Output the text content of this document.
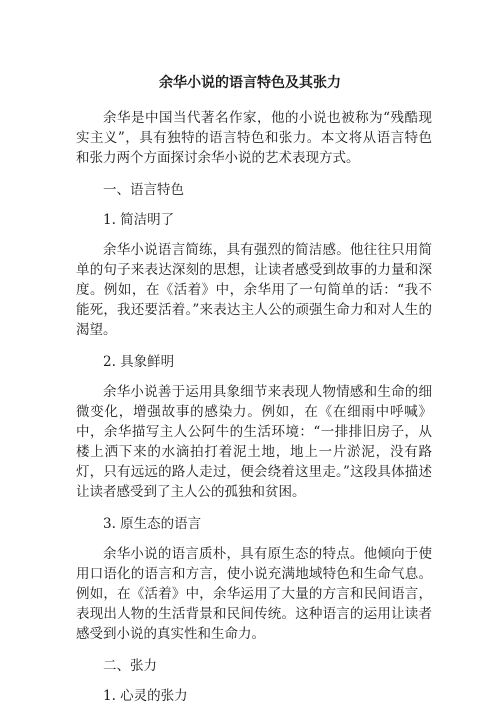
余华小说的语言特色及其张力

余华是中国当代著名作家，他的小说也被称为“残酷现实主义”，具有独特的语言特色和张力。本文将从语言特色和张力两个方面探讨余华小说的艺术表现方式。

一、语言特色

1. 简洁明了

余华小说语言简练，具有强烈的简洁感。他往往只用简单的句子来表达深刻的思想，让读者感受到故事的力量和深度。例如，在《活着》中，余华用了一句简单的话：“我不能死，我还要活着。”来表达主人公的顽强生命力和对人生的渴望。

2. 具象鲜明

余华小说善于运用具象细节来表现人物情感和生命的细微变化，增强故事的感染力。例如，在《在细雨中呼喊》中，余华描写主人公阿牛的生活环境：“一排排旧房子，从楼上洒下来的水滴拍打着泥土地，地上一片淤泥，没有路灯，只有远远的路人走过，便会绕着这里走。”这段具体描述让读者感受到了主人公的孤独和贫困。

3. 原生态的语言

余华小说的语言质朴，具有原生态的特点。他倾向于使用口语化的语言和方言，使小说充满地域特色和生命气息。例如，在《活着》中，余华运用了大量的方言和民间语言，表现出人物的生活背景和民间传统。这种语言的运用让读者感受到小说的真实性和生命力。

二、张力

1. 心灵的张力
